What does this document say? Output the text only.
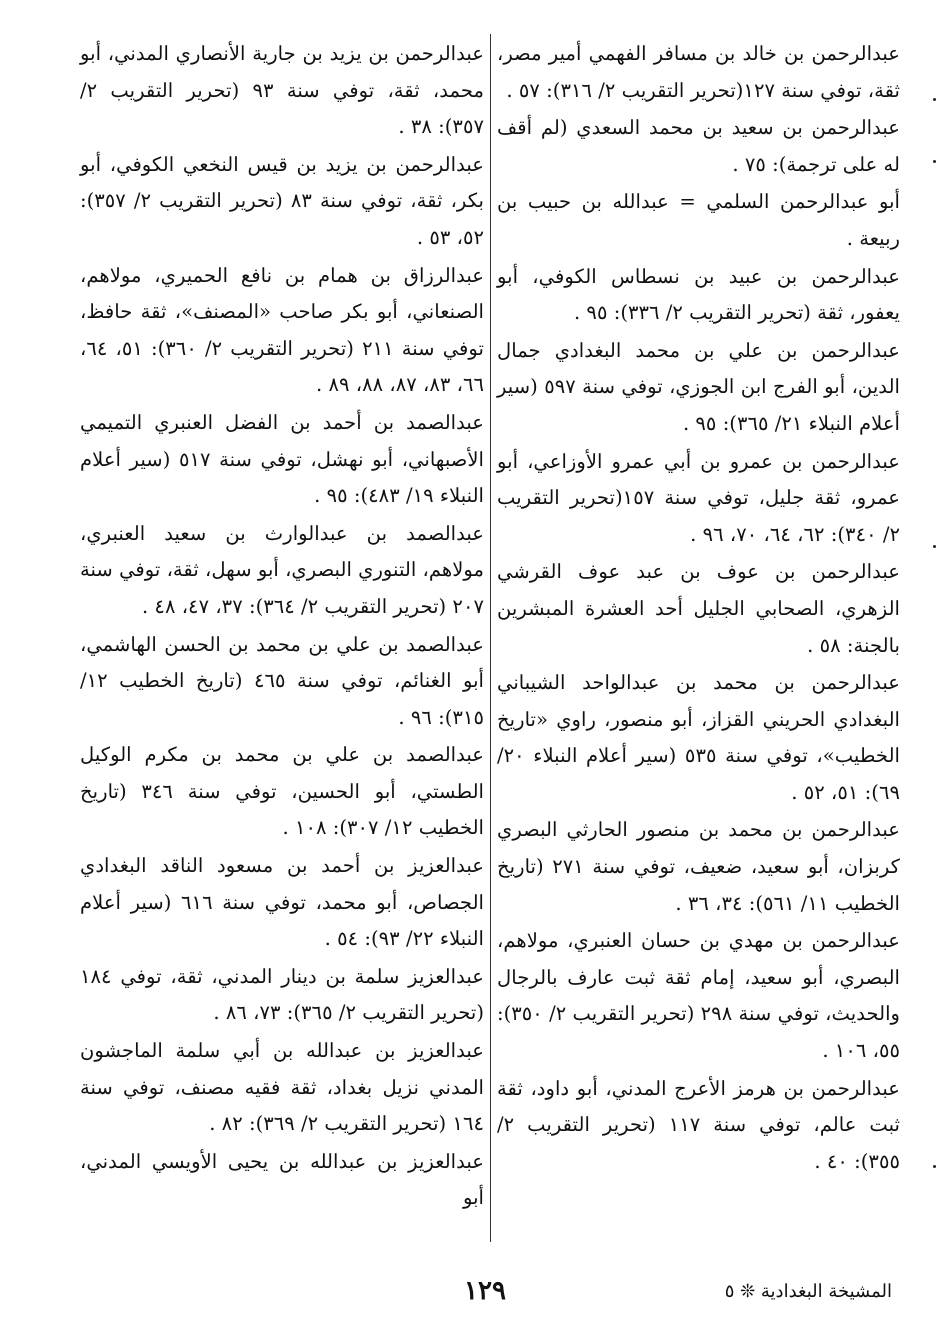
عبدالرحمن بن خالد بن مسافر الفهمي أمير مصر، ثقة، توفي سنة ١٢٧(تحرير التقريب ٢/ ٣١٦): ٥٧ .

عبدالرحمن بن سعيد بن محمد السعدي (لم أقف له على ترجمة): ٧٥ .

أبو عبدالرحمن السلمي = عبدالله بن حبيب بن ربيعة .

عبدالرحمن بن عبيد بن نسطاس الكوفي، أبو يعفور، ثقة (تحرير التقريب ٢/ ٣٣٦): ٩٥ .

عبدالرحمن بن علي بن محمد البغدادي جمال الدين، أبو الفرج ابن الجوزي، توفي سنة ٥٩٧ (سير أعلام النبلاء ٢١/ ٣٦٥): ٩٥ .

عبدالرحمن بن عمرو بن أبي عمرو الأوزاعي، أبو عمرو، ثقة جليل، توفي سنة ١٥٧(تحرير التقريب ٢/ ٣٤٠): ٦٢، ٦٤، ٧٠، ٩٦ .

عبدالرحمن بن عوف بن عبد عوف القرشي الزهري، الصحابي الجليل أحد العشرة المبشرين بالجنة: ٥٨ .

عبدالرحمن بن محمد بن عبدالواحد الشيباني البغدادي الحريني القزاز، أبو منصور، راوي «تاريخ الخطيب»، توفي سنة ٥٣٥ (سير أعلام النبلاء ٢٠/ ٦٩): ٥١، ٥٢ .

عبدالرحمن بن محمد بن منصور الحارثي البصري كربزان، أبو سعيد، ضعيف، توفي سنة ٢٧١ (تاريخ الخطيب ١١/ ٥٦١): ٣٤، ٣٦ .

عبدالرحمن بن مهدي بن حسان العنبري، مولاهم، البصري، أبو سعيد، إمام ثقة ثبت عارف بالرجال والحديث، توفي سنة ٢٩٨ (تحرير التقريب ٢/ ٣٥٠): ٥٥، ١٠٦ .

عبدالرحمن بن هرمز الأعرج المدني، أبو داود، ثقة ثبت عالم، توفي سنة ١١٧ (تحرير التقريب ٢/ ٣٥٥): ٤٠ .

عبدالرحمن بن يزيد بن جارية الأنصاري المدني، أبو محمد، ثقة، توفي سنة ٩٣ (تحرير التقريب ٢/ ٣٥٧): ٣٨ .

عبدالرحمن بن يزيد بن قيس النخعي الكوفي، أبو بكر، ثقة، توفي سنة ٨٣ (تحرير التقريب ٢/ ٣٥٧): ٥٢، ٥٣ .

عبدالرزاق بن همام بن نافع الحميري، مولاهم، الصنعاني، أبو بكر صاحب «المصنف»، ثقة حافظ، توفي سنة ٢١١ (تحرير التقريب ٢/ ٣٦٠): ٥١، ٦٤، ٦٦، ٨٣، ٨٧، ٨٨، ٨٩ .

عبدالصمد بن أحمد بن الفضل العنبري التميمي الأصبهاني، أبو نهشل، توفي سنة ٥١٧ (سير أعلام النبلاء ١٩/ ٤٨٣): ٩٥ .

عبدالصمد بن عبدالوارث بن سعيد العنبري، مولاهم، التنوري البصري، أبو سهل، ثقة، توفي سنة ٢٠٧ (تحرير التقريب ٢/ ٣٦٤): ٣٧، ٤٧، ٤٨ .

عبدالصمد بن علي بن محمد بن الحسن الهاشمي، أبو الغنائم، توفي سنة ٤٦٥ (تاريخ الخطيب ١٢/ ٣١٥): ٩٦ .

عبدالصمد بن علي بن محمد بن مكرم الوكيل الطستي، أبو الحسين، توفي سنة ٣٤٦ (تاريخ الخطيب ١٢/ ٣٠٧): ١٠٨ .

عبدالعزيز بن أحمد بن مسعود الناقد البغدادي الجصاص، أبو محمد، توفي سنة ٦١٦ (سير أعلام النبلاء ٢٢/ ٩٣): ٥٤ .

عبدالعزيز سلمة بن دينار المدني، ثقة، توفي ١٨٤ (تحرير التقريب ٢/ ٣٦٥): ٧٣، ٨٦ .

عبدالعزيز بن عبدالله بن أبي سلمة الماجشون المدني نزيل بغداد، ثقة فقيه مصنف، توفي سنة ١٦٤ (تحرير التقريب ٢/ ٣٦٩): ٨٢ .

عبدالعزيز بن عبدالله بن يحيى الأويسي المدني، أبو

١٢٩	المشيخة البغدادية ❊ ٥
